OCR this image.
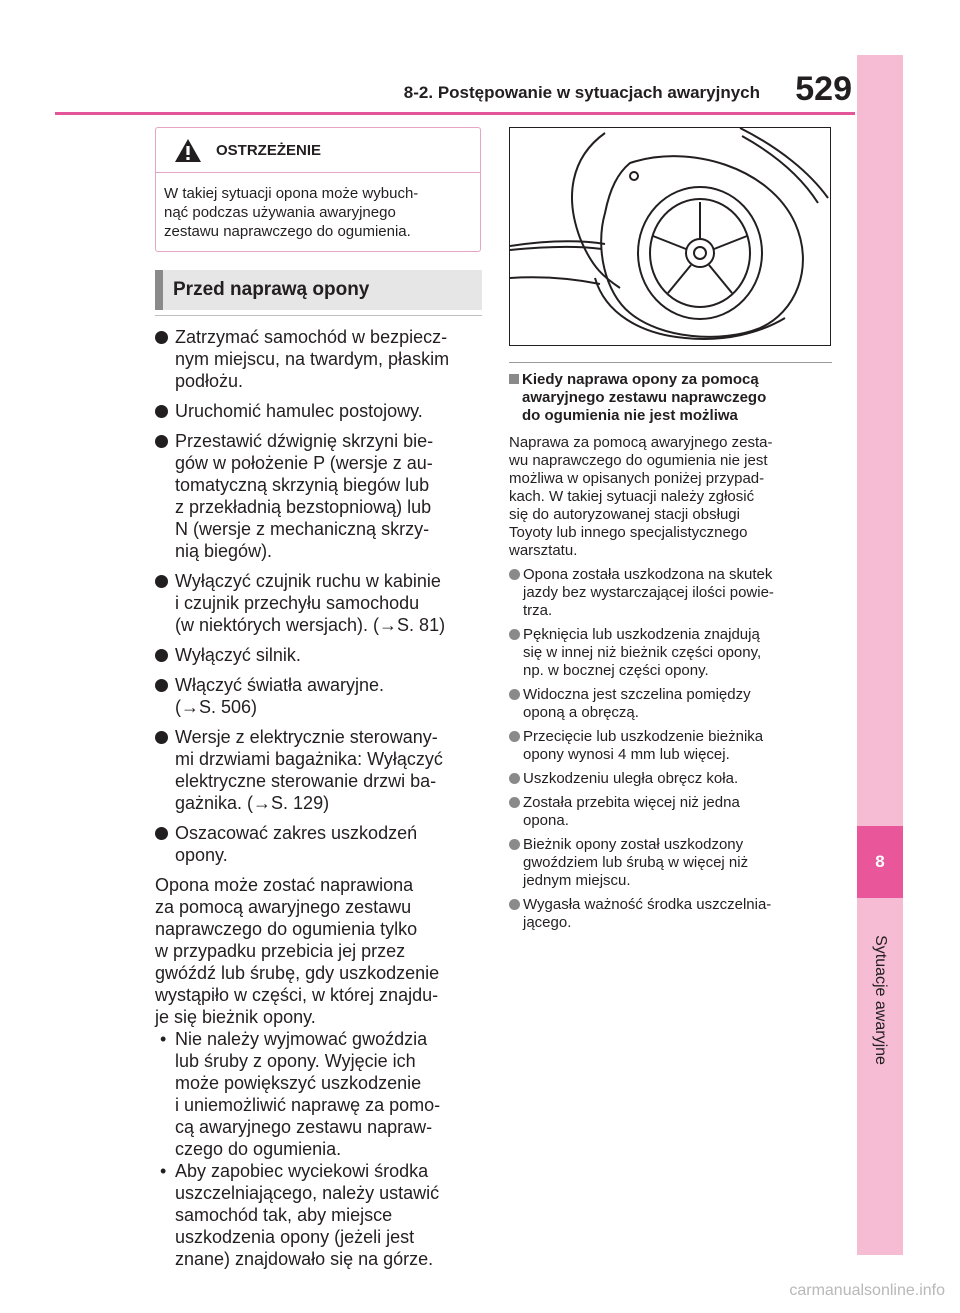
8-2. Postępowanie w sytuacjach awaryjnych	529
8
Sytuacje awaryjne
OSTRZEŻENIE
W takiej sytuacji opona może wybuch-
nąć podczas używania awaryjnego
zestawu naprawczego do ogumienia.
Przed naprawą opony
Zatrzymać samochód w bezpiecz-
nym miejscu, na twardym, płaskim
podłożu.
Uruchomić hamulec postojowy.
Przestawić dźwignię skrzyni bie-
gów w położenie P (wersje z au-
tomatyczną skrzynią biegów lub
z przekładnią bezstopniową) lub
N (wersje z mechaniczną skrzy-
nią biegów).
Wyłączyć czujnik ruchu w kabinie
i czujnik przechyłu samochodu
(w niektórych wersjach). (→S. 81)
Wyłączyć silnik.
Włączyć światła awaryjne.
(→S. 506)
Wersje z elektrycznie sterowany-
mi drzwiami bagażnika: Wyłączyć
elektryczne sterowanie drzwi ba-
gażnika. (→S. 129)
Oszacować zakres uszkodzeń
opony.
Opona może zostać naprawiona
za pomocą awaryjnego zestawu
naprawczego do ogumienia tylko
w przypadku przebicia jej przez
gwóźdź lub śrubę, gdy uszkodzenie
wystąpiło w części, w której znajdu-
je się bieżnik opony.
• Nie należy wyjmować gwoździa
lub śruby z opony. Wyjęcie ich
może powiększyć uszkodzenie
i uniemożliwić naprawę za pomo-
cą awaryjnego zestawu napraw-
czego do ogumienia.
• Aby zapobiec wyciekowi środka
uszczelniającego, należy ustawić
samochód tak, aby miejsce
uszkodzenia opony (jeżeli jest
znane) znajdowało się na górze.
Kiedy naprawa opony za pomocą
awaryjnego zestawu naprawczego
do ogumienia nie jest możliwa
Naprawa za pomocą awaryjnego zesta-
wu naprawczego do ogumienia nie jest
możliwa w opisanych poniżej przypad-
kach. W takiej sytuacji należy zgłosić
się do autoryzowanej stacji obsługi
Toyoty lub innego specjalistycznego
warsztatu.
Opona została uszkodzona na skutek
jazdy bez wystarczającej ilości powie-
trza.
Pęknięcia lub uszkodzenia znajdują
się w innej niż bieżnik części opony,
np. w bocznej części opony.
Widoczna jest szczelina pomiędzy
oponą a obręczą.
Przecięcie lub uszkodzenie bieżnika
opony wynosi 4 mm lub więcej.
Uszkodzeniu uległa obręcz koła.
Została przebita więcej niż jedna
opona.
Bieżnik opony został uszkodzony
gwoździem lub śrubą w więcej niż
jednym miejscu.
Wygasła ważność środka uszczelnia-
jącego.
carmanualsonline.info
